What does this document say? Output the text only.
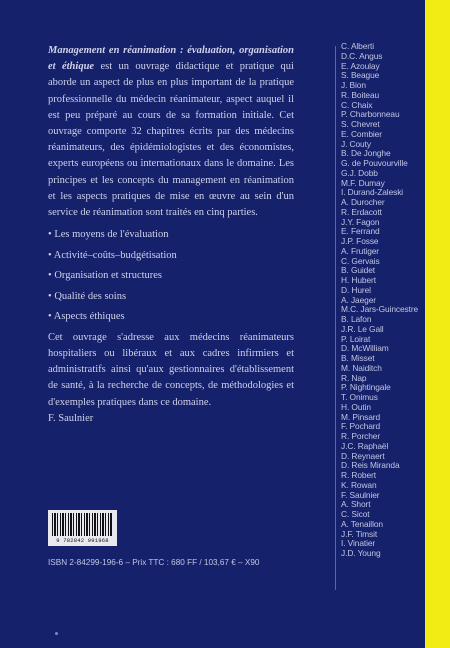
Management en réanimation : évaluation, organisation et éthique est un ouvrage didactique et pratique qui aborde un aspect de plus en plus important de la pratique professionnelle du médecin réanimateur, aspect auquel il est peu préparé au cours de sa formation initiale. Cet ouvrage comporte 32 chapitres écrits par des médecins réanimateurs, des épidémiologistes et des économistes, experts européens ou internationaux dans le domaine. Les principes et les concepts du management en réanimation et les aspects pratiques de mise en œuvre au sein d'un service de réanimation sont traités en cinq parties.

• Les moyens de l'évaluation
• Activité–coûts–budgétisation
• Organisation et structures
• Qualité des soins
• Aspects éthiques

Cet ouvrage s'adresse aux médecins réanimateurs hospitaliers ou libéraux et aux cadres infirmiers et administratifs ainsi qu'aux gestionnaires d'établissement de santé, à la recherche de concepts, de méthodologies et d'exemples pratiques dans ce domaine.

F. Saulnier

C. Alberti
D.C. Angus
E. Azoulay
S. Beague
J. Bion
R. Boiteau
C. Chaix
P. Charbonneau
S. Chevret
E. Combier
J. Couty
B. De Jonghe
G. de Pouvourville
G.J. Dobb
M.F. Dumay
I. Durand-Zaleski
A. Durocher
R. Erdacott
J.Y. Fagon
E. Ferrand
J.P. Fosse
A. Frutiger
C. Gervais
B. Guidet
H. Hubert
D. Hurel
A. Jaeger
M.C. Jars-Guincestre
B. Lafon
J.R. Le Gall
P. Loirat
D. McWilliam
B. Misset
M. Naiditch
R. Nap
P. Nightingale
T. Onimus
H. Outin
M. Pinsard
F. Pochard
R. Porcher
J.C. Raphaël
D. Reynaert
D. Reis Miranda
R. Robert
K. Rowan
F. Saulnier
A. Short
C. Sicot
A. Tenaillon
J.F. Timsit
I. Vinatier
J.D. Young
9 782842 991968
ISBN 2-84299-196-6 – Prix TTC : 680 FF / 103,67 € – X90
